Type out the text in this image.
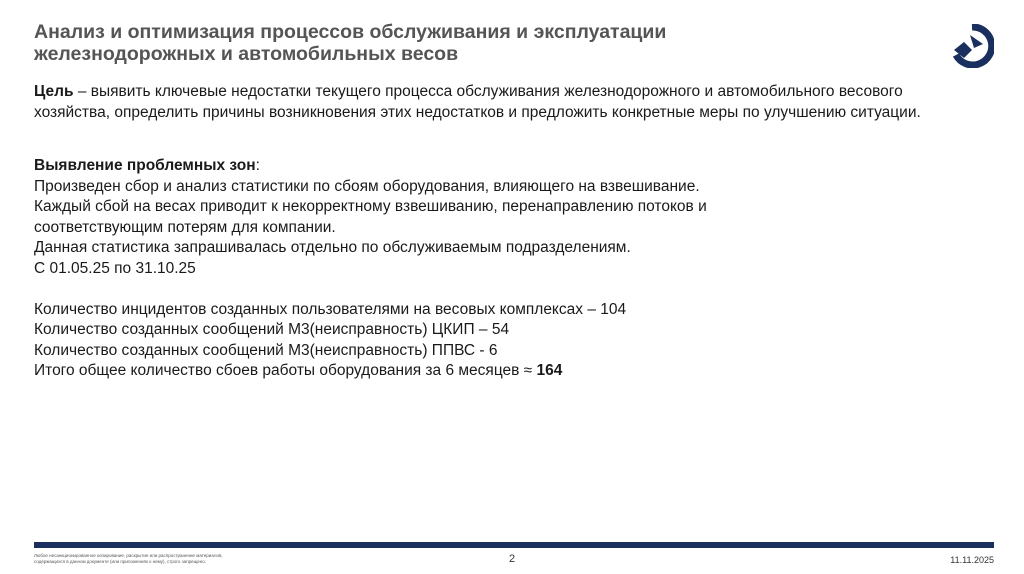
Анализ и оптимизация процессов обслуживания и эксплуатации
железнодорожных и автомобильных весов

Цель – выявить ключевые недостатки текущего процесса обслуживания железнодорожного и автомобильного весового хозяйства, определить причины возникновения этих недостатков и предложить конкретные меры по улучшению ситуации.

Выявление проблемных зон:
Произведен сбор и анализ статистики по сбоям оборудования, влияющего на взвешивание.
Каждый сбой на весах приводит к некорректному взвешиванию, перенаправлению потоков и
соответствующим потерям для компании.
Данная статистика запрашивалась отдельно по обслуживаемым подразделениям.
С 01.05.25 по 31.10.25
Количество инцидентов созданных пользователями на весовых комплексах – 104
Количество созданных сообщений М3(неисправность) ЦКИП – 54
Количество созданных сообщений М3(неисправность) ППВС - 6
Итого общее количество сбоев работы оборудования за 6 месяцев ≈ 164
Любое несанкционированное копирование, раскрытие или распространение материалов,
содержащихся в данном документе (или приложениях к нему), строго запрещено.	2	11.11.2025
